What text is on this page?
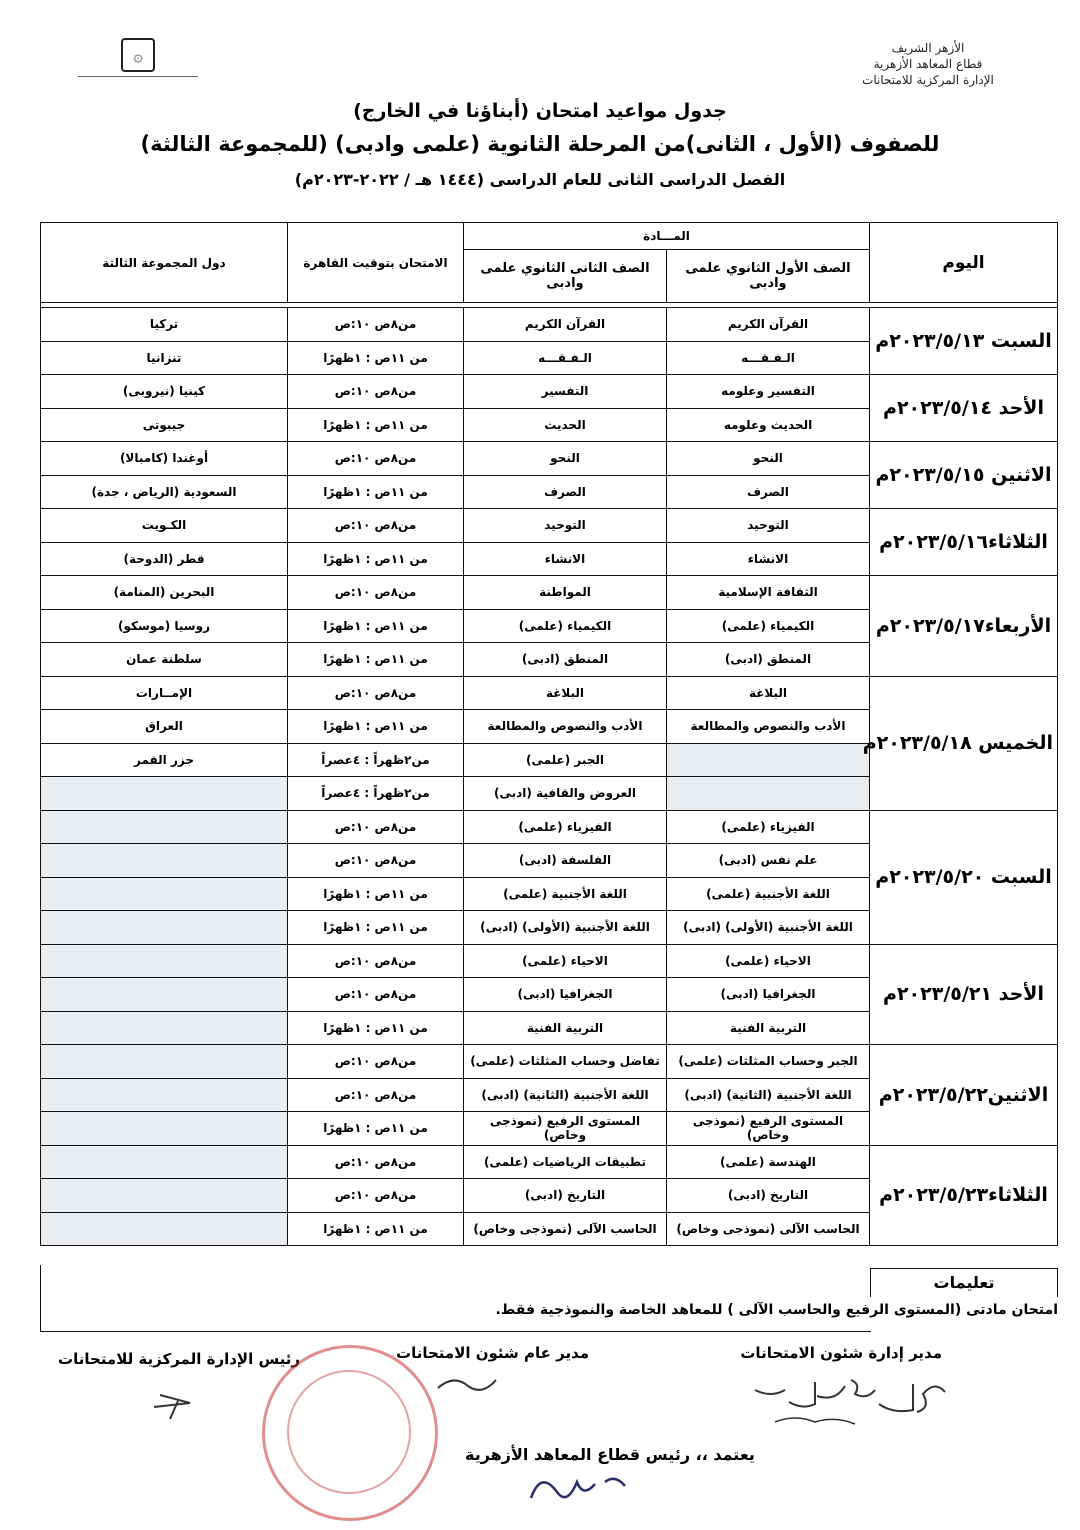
الأزهر الشريف
قطاع المعاهد الأزهرية
الإدارة المركزية للامتحانات
۞

جدول مواعيد امتحان (أبناؤنا في الخارج)
للصفوف (الأول ، الثانى)من المرحلة الثانوية (علمى وادبى) (للمجموعة الثالثة)
الفصل الدراسى الثانى للعام الدراسى (١٤٤٤ هـ / ٢٠٢٢-٢٠٢٣م)
اليوم	المـــادة		الامتحان بتوقيت القاهرة	دول المجموعة الثالثة
	الصف الأول الثانوي علمى وادبى	الصف الثانى الثانوي علمى وادبى		

السبت ٢٠٢٣/٥/١٣م	القرآن الكريم	القرآن الكريم	من٨ص ١٠:ص	تركيا
	الـفـقـــه	الـفـقـــه	من ١١ص : ١ظهرًا	تنزانيا
الأحد ٢٠٢٣/٥/١٤م	التفسير وعلومه	التفسير	من٨ص ١٠:ص	كينيا (نيروبى)
	الحديث وعلومه	الحديث	من ١١ص : ١ظهرًا	جيبوتى
الاثنين ٢٠٢٣/٥/١٥م	النحو	النحو	من٨ص ١٠:ص	أوغندا (كامبالا)
	الصرف	الصرف	من ١١ص : ١ظهرًا	السعودية (الرياض ، جدة)
الثلاثاء٢٠٢٣/٥/١٦م	التوحيد	التوحيد	من٨ص ١٠:ص	الكـويت
	الانشاء	الانشاء	من ١١ص : ١ظهرًا	قطر (الدوحة)
الأربعاء٢٠٢٣/٥/١٧م	الثقافة الإسلامية	المواطنة	من٨ص ١٠:ص	البحرين (المنامة)
	الكيمياء (علمى)	الكيمياء (علمى)	من ١١ص : ١ظهرًا	روسيا (موسكو)
	المنطق (ادبى)	المنطق (ادبى)	من ١١ص : ١ظهرًا	سلطنة عمان
الخميس ٢٠٢٣/٥/١٨م	البلاغة	البلاغة	من٨ص ١٠:ص	الإمــارات
	الأدب والنصوص والمطالعة	الأدب والنصوص والمطالعة	من ١١ص : ١ظهرًا	العراق
		الجبر (علمى)	من٢ظهراً : ٤عصراً	جزر القمر
		العروض والقافية (ادبى)	من٢ظهراً : ٤عصراً	
السبت ٢٠٢٣/٥/٢٠م	الفيزياء (علمى)	الفيزياء (علمى)	من٨ص ١٠:ص	
	علم نفس (ادبى)	الفلسفة (ادبى)	من٨ص ١٠:ص	
	اللغة الأجنبية (علمى)	اللغة الأجنبية (علمى)	من ١١ص : ١ظهرًا	
	اللغة الأجنبية (الأولى) (ادبى)	اللغة الأجنبية (الأولى) (ادبى)	من ١١ص : ١ظهرًا	
الأحد ٢٠٢٣/٥/٢١م	الاحياء (علمى)	الاحياء (علمى)	من٨ص ١٠:ص	
	الجغرافيا (ادبى)	الجغرافيا (ادبى)	من٨ص ١٠:ص	
	التربية الفنية	التربية الفنية	من ١١ص : ١ظهرًا	
الاثنين٢٠٢٣/٥/٢٢م	الجبر وحساب المثلثات (علمى)	تفاضل وحساب المثلثات (علمى)	من٨ص ١٠:ص	
	اللغة الأجنبية (الثانية) (ادبى)	اللغة الأجنبية (الثانية) (ادبى)	من٨ص ١٠:ص	
	المستوى الرفيع (نموذجى وخاص)	المستوى الرفيع (نموذجى وخاص)	من ١١ص : ١ظهرًا	
الثلاثاء٢٠٢٣/٥/٢٣م	الهندسة (علمى)	تطبيقات الرياضيات (علمى)	من٨ص ١٠:ص	
	التاريخ (ادبى)	التاريخ (ادبى)	من٨ص ١٠:ص	
	الحاسب الآلى (نموذجى وخاص)	الحاسب الآلى (نموذجى وخاص)	من ١١ص : ١ظهرًا	
تعليمات
امتحان مادتى (المستوى الرفيع والحاسب الآلى ) للمعاهد الخاصة والنموذجية فقط.
مدير إدارة شئون الامتحانات
مدير عام شئون الامتحانات
رئيس الإدارة المركزية للامتحانات
يعتمد ،، رئيس قطاع المعاهد الأزهرية
